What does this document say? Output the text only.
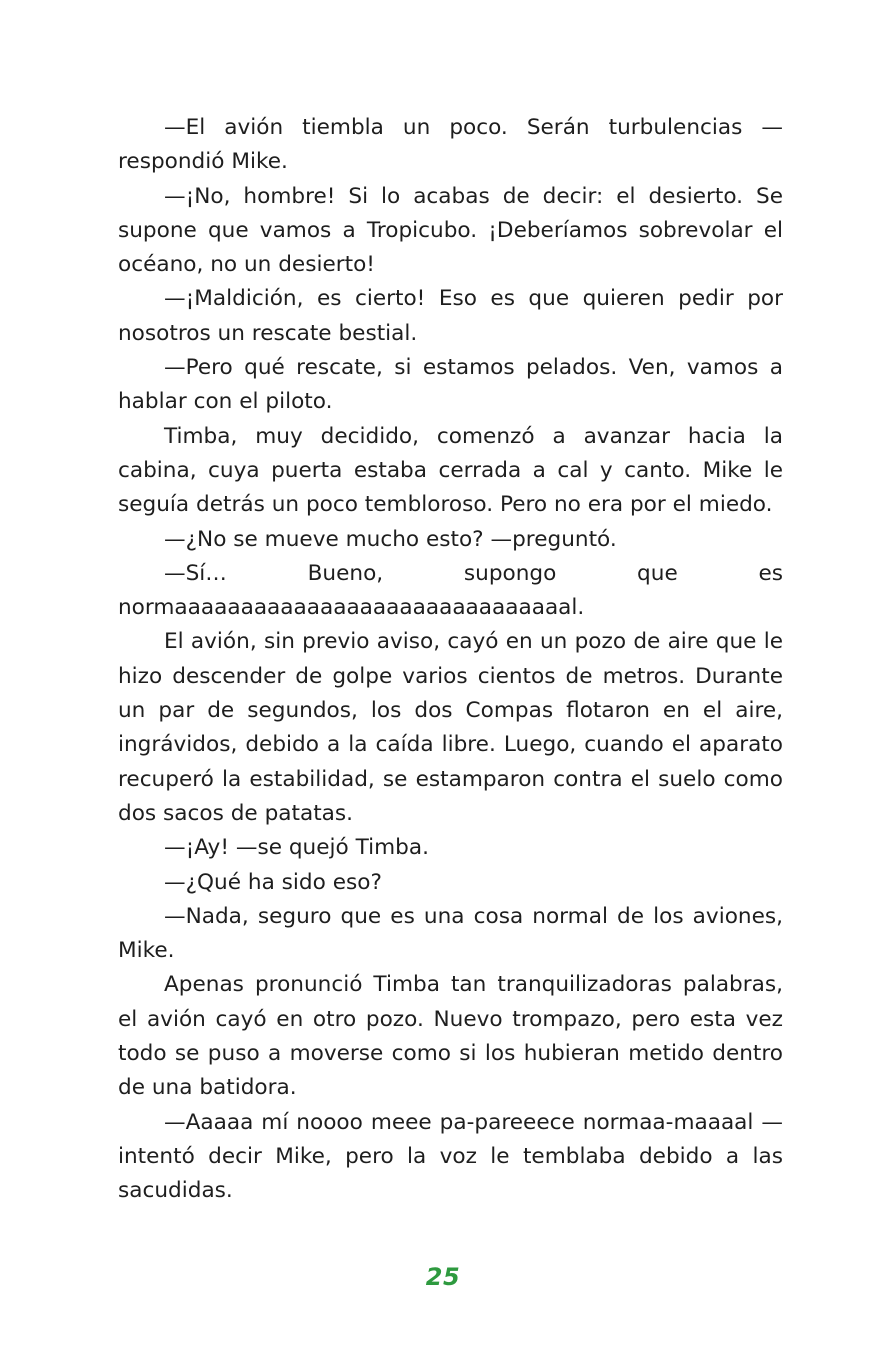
—El avión tiembla un poco. Serán turbulencias —respondió Mike.

—¡No, hombre! Si lo acabas de decir: el desierto. Se supone que vamos a Tropicubo. ¡Deberíamos sobrevolar el océano, no un desierto!

—¡Maldición, es cierto! Eso es que quieren pedir por nosotros un rescate bestial.

—Pero qué rescate, si estamos pelados. Ven, vamos a hablar con el piloto.

Timba, muy decidido, comenzó a avanzar hacia la cabina, cuya puerta estaba cerrada a cal y canto. Mike le seguía detrás un poco tembloroso. Pero no era por el miedo.

—¿No se mueve mucho esto? —preguntó.

—Sí… Bueno, supongo que es normaaaaaaaaaaaaaaaaaaaaaaaaaaaaaal.

El avión, sin previo aviso, cayó en un pozo de aire que le hizo descender de golpe varios cientos de metros. Durante un par de segundos, los dos Compas flotaron en el aire, ingrávidos, debido a la caída libre. Luego, cuando el aparato recuperó la estabilidad, se estamparon contra el suelo como dos sacos de patatas.

—¡Ay! —se quejó Timba.

—¿Qué ha sido eso?

—Nada, seguro que es una cosa normal de los aviones, Mike.

Apenas pronunció Timba tan tranquilizadoras palabras, el avión cayó en otro pozo. Nuevo trompazo, pero esta vez todo se puso a moverse como si los hubieran metido dentro de una batidora.

—Aaaaa mí noooo meee pa-pareeece normaa-maaaal —intentó decir Mike, pero la voz le temblaba debido a las sacudidas.

25
